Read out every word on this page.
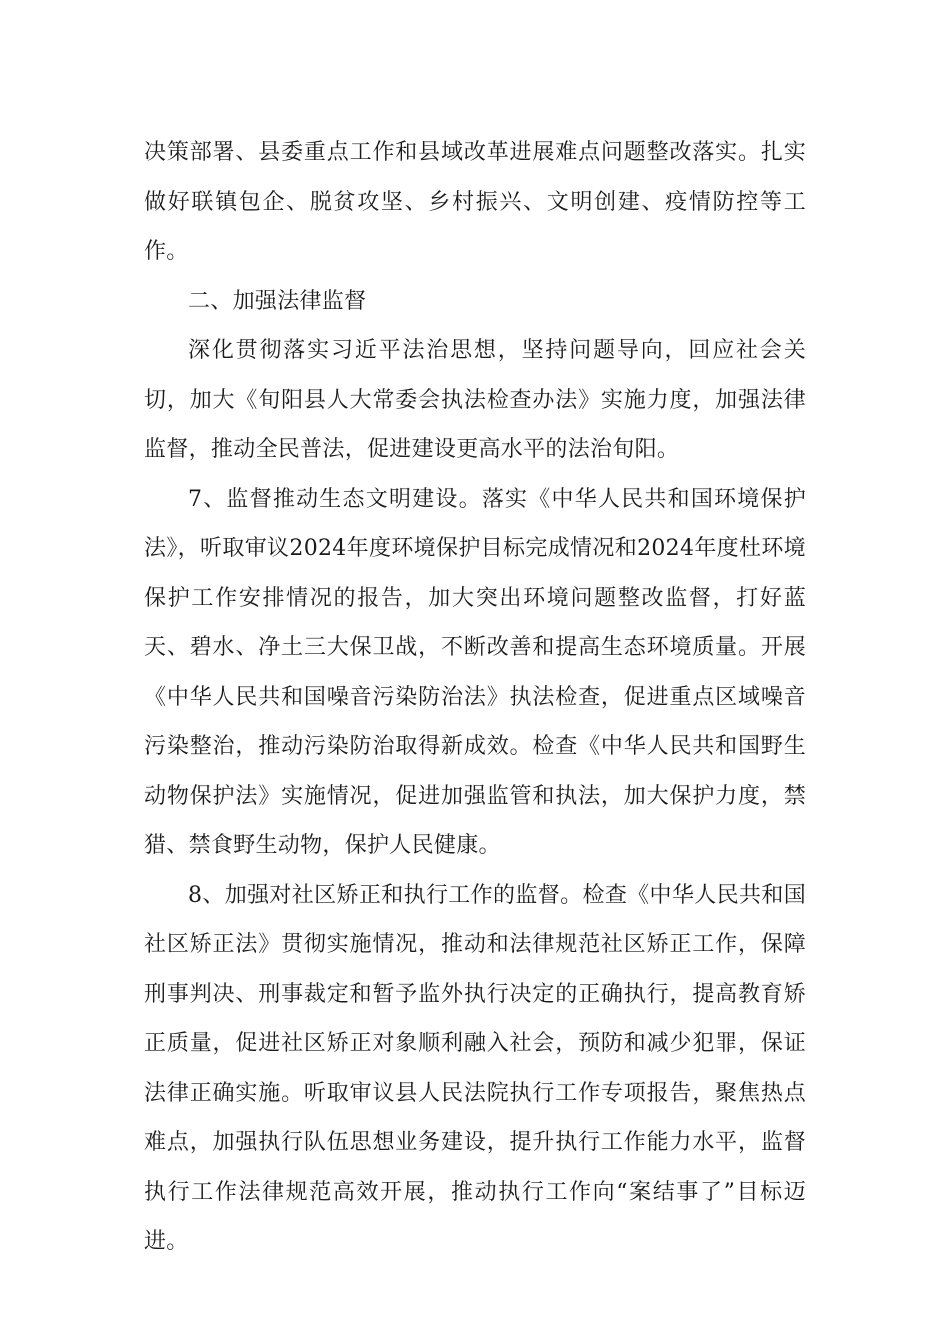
决策部署、县委重点工作和县域改革进展难点问题整改落实。扎实做好联镇包企、脱贫攻坚、乡村振兴、文明创建、疫情防控等工作。

二、加强法律监督

深化贯彻落实习近平法治思想，坚持问题导向，回应社会关切，加大《旬阳县人大常委会执法检查办法》实施力度，加强法律监督，推动全民普法，促进建设更高水平的法治旬阳。

7、监督推动生态文明建设。落实《中华人民共和国环境保护法》，听取审议2024年度环境保护目标完成情况和2024年度杜环境保护工作安排情况的报告，加大突出环境问题整改监督，打好蓝天、碧水、净土三大保卫战，不断改善和提高生态环境质量。开展《中华人民共和国噪音污染防治法》执法检查，促进重点区域噪音污染整治，推动污染防治取得新成效。检查《中华人民共和国野生动物保护法》实施情况，促进加强监管和执法，加大保护力度，禁猎、禁食野生动物，保护人民健康。

8、加强对社区矫正和执行工作的监督。检查《中华人民共和国社区矫正法》贯彻实施情况，推动和法律规范社区矫正工作，保障刑事判决、刑事裁定和暂予监外执行决定的正确执行，提高教育矫正质量，促进社区矫正对象顺利融入社会，预防和减少犯罪，保证法律正确实施。听取审议县人民法院执行工作专项报告，聚焦热点难点，加强执行队伍思想业务建设，提升执行工作能力水平，监督执行工作法律规范高效开展，推动执行工作向“案结事了”目标迈进。
